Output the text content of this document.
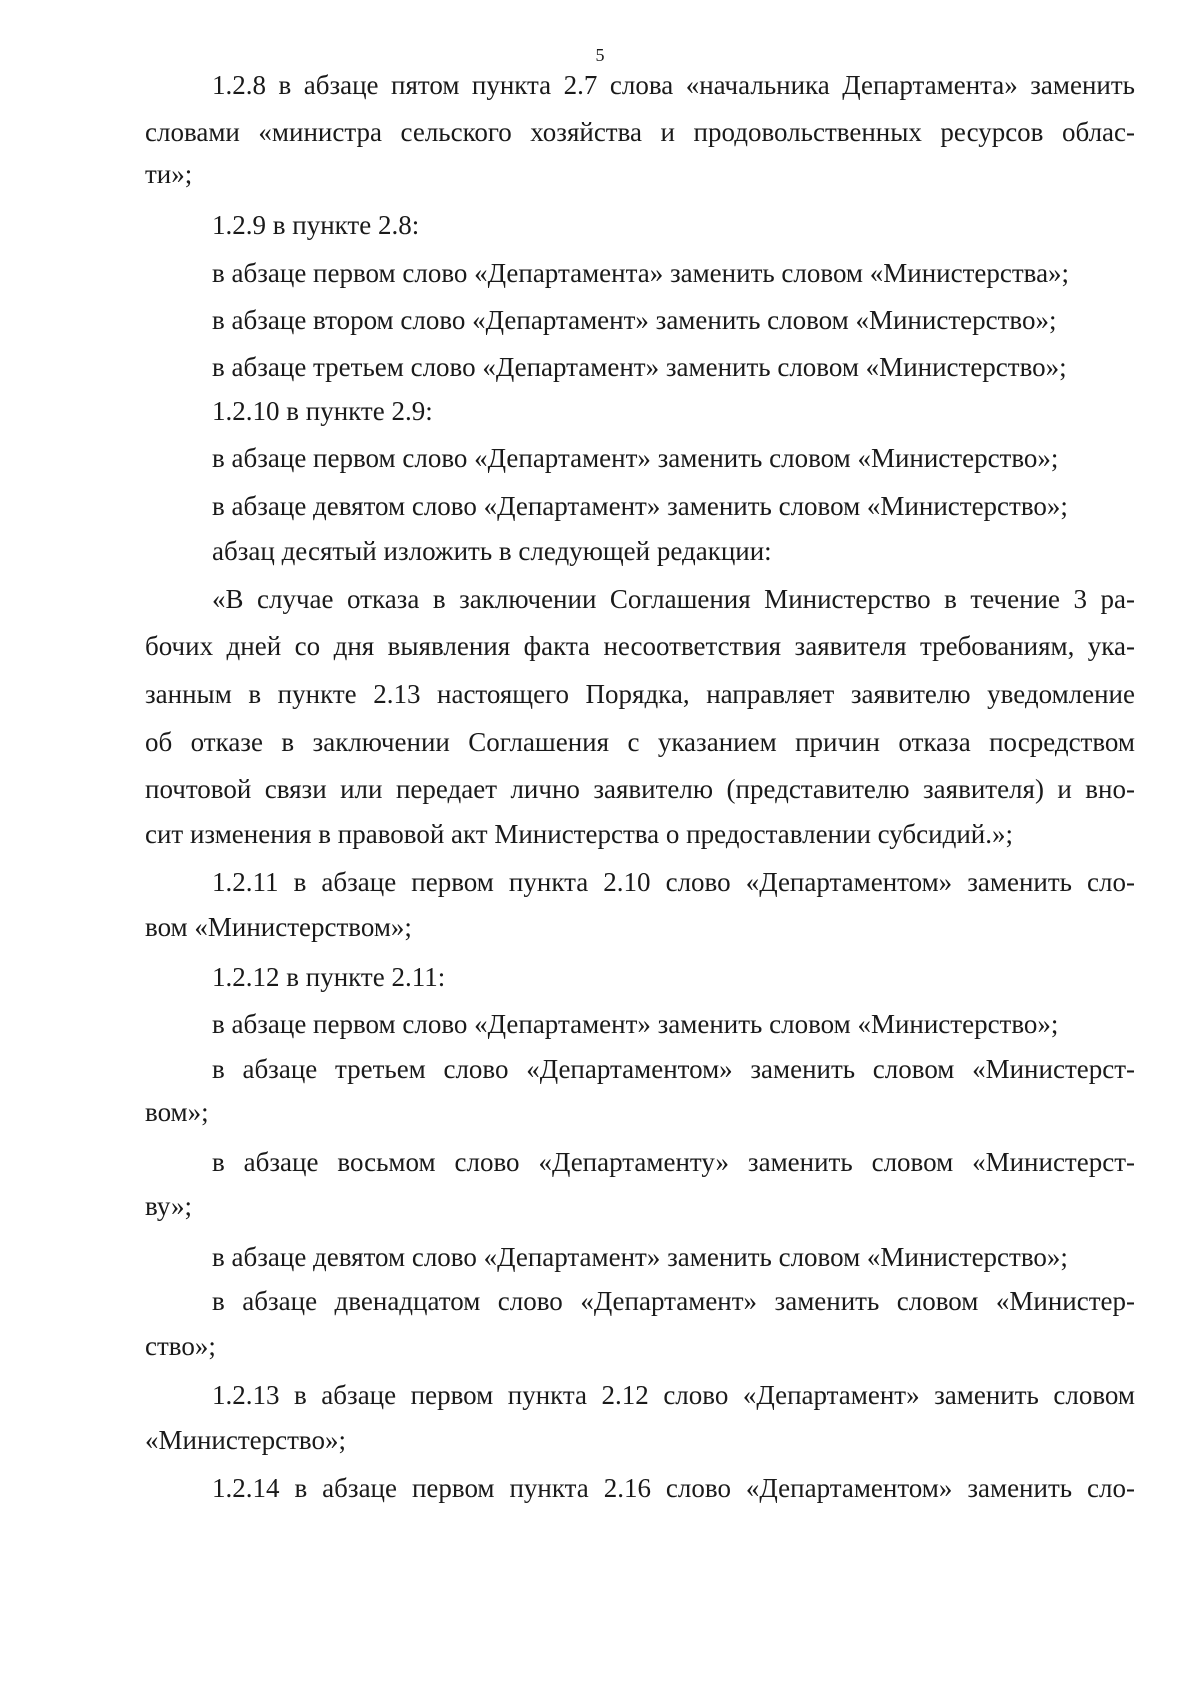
5
1.2.8 в абзаце пятом пункта 2.7 слова «начальника Департамента» заменить
словами «министра сельского хозяйства и продовольственных ресурсов облас-
ти»;
1.2.9 в пункте 2.8:
в абзаце первом слово «Департамента» заменить словом «Министерства»;
в абзаце втором слово «Департамент» заменить словом «Министерство»;
в абзаце третьем слово «Департамент» заменить словом «Министерство»;
1.2.10 в пункте 2.9:
в абзаце первом слово «Департамент» заменить словом «Министерство»;
в абзаце девятом слово «Департамент» заменить словом «Министерство»;
абзац десятый изложить в следующей редакции:
«В случае отказа в заключении Соглашения Министерство в течение 3 ра-
бочих дней со дня выявления факта несоответствия заявителя требованиям, ука-
занным в пункте 2.13 настоящего Порядка, направляет заявителю уведомление
об отказе в заключении Соглашения с указанием причин отказа посредством
почтовой связи или передает лично заявителю (представителю заявителя) и вно-
сит изменения в правовой акт Министерства о предоставлении субсидий.»;
1.2.11 в абзаце первом пункта 2.10 слово «Департаментом» заменить сло-
вом «Министерством»;
1.2.12 в пункте 2.11:
в абзаце первом слово «Департамент» заменить словом «Министерство»;
в абзаце третьем слово «Департаментом» заменить словом «Министерст-
вом»;
в абзаце восьмом слово «Департаменту» заменить словом «Министерст-
ву»;
в абзаце девятом слово «Департамент» заменить словом «Министерство»;
в абзаце двенадцатом слово «Департамент» заменить словом «Министер-
ство»;
1.2.13 в абзаце первом пункта 2.12 слово «Департамент» заменить словом
«Министерство»;
1.2.14 в абзаце первом пункта 2.16 слово «Департаментом» заменить сло-
